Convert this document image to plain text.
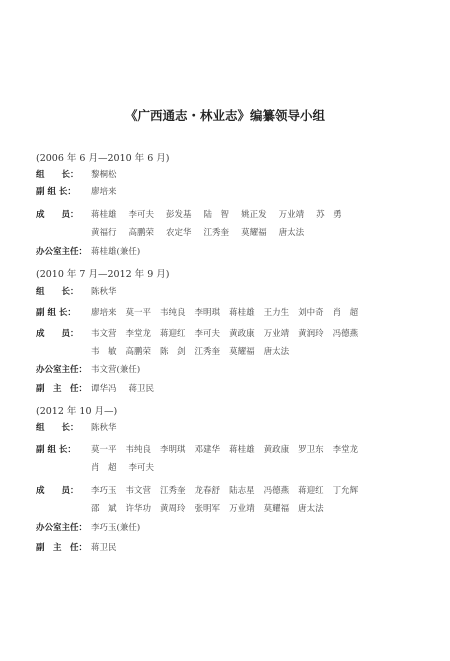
《广西通志・林业志》编纂领导小组
(2006 年 6 月—2010 年 6 月)
组　　长： 黎桐松
副 组 长： 廖培来
成　　员： 蒋桂雄 李可夫 彭发基 陆　智 姚正发 万业靖 苏　勇
黄福行 高鹏荣 农定华 江秀奎 莫耀福 唐太法
办公室主任： 蒋桂雄(兼任)
(2010 年 7 月—2012 年 9 月)
组　　长： 陈秋华
副 组 长： 廖培来 莫一平 韦纯良 李明琪 蒋桂雄 王力生 刘中奇 肖　超
成　　员： 韦文营 李堂龙 蒋迎红 李可夫 黄政康 万业靖 黄润玲 冯德燕
韦　敏 高鹏荣 陈　剑 江秀奎 莫耀福 唐太法
办公室主任： 韦文营(兼任)
副　主　任： 谭华冯 蒋卫民
(2012 年 10 月—)
组　　长： 陈秋华
副 组 长： 莫一平 韦纯良 李明琪 邓建华 蒋桂雄 黄政康 罗卫东 李堂龙
肖　超 李可夫
成　　员： 李巧玉 韦文营 江秀奎 龙春舒 陆志星 冯德燕 蒋迎红 丁允辉
邵　斌 许华功 黄周玲 张明军 万业靖 莫耀福 唐太法
办公室主任： 李巧玉(兼任)
副　主　任： 蒋卫民
